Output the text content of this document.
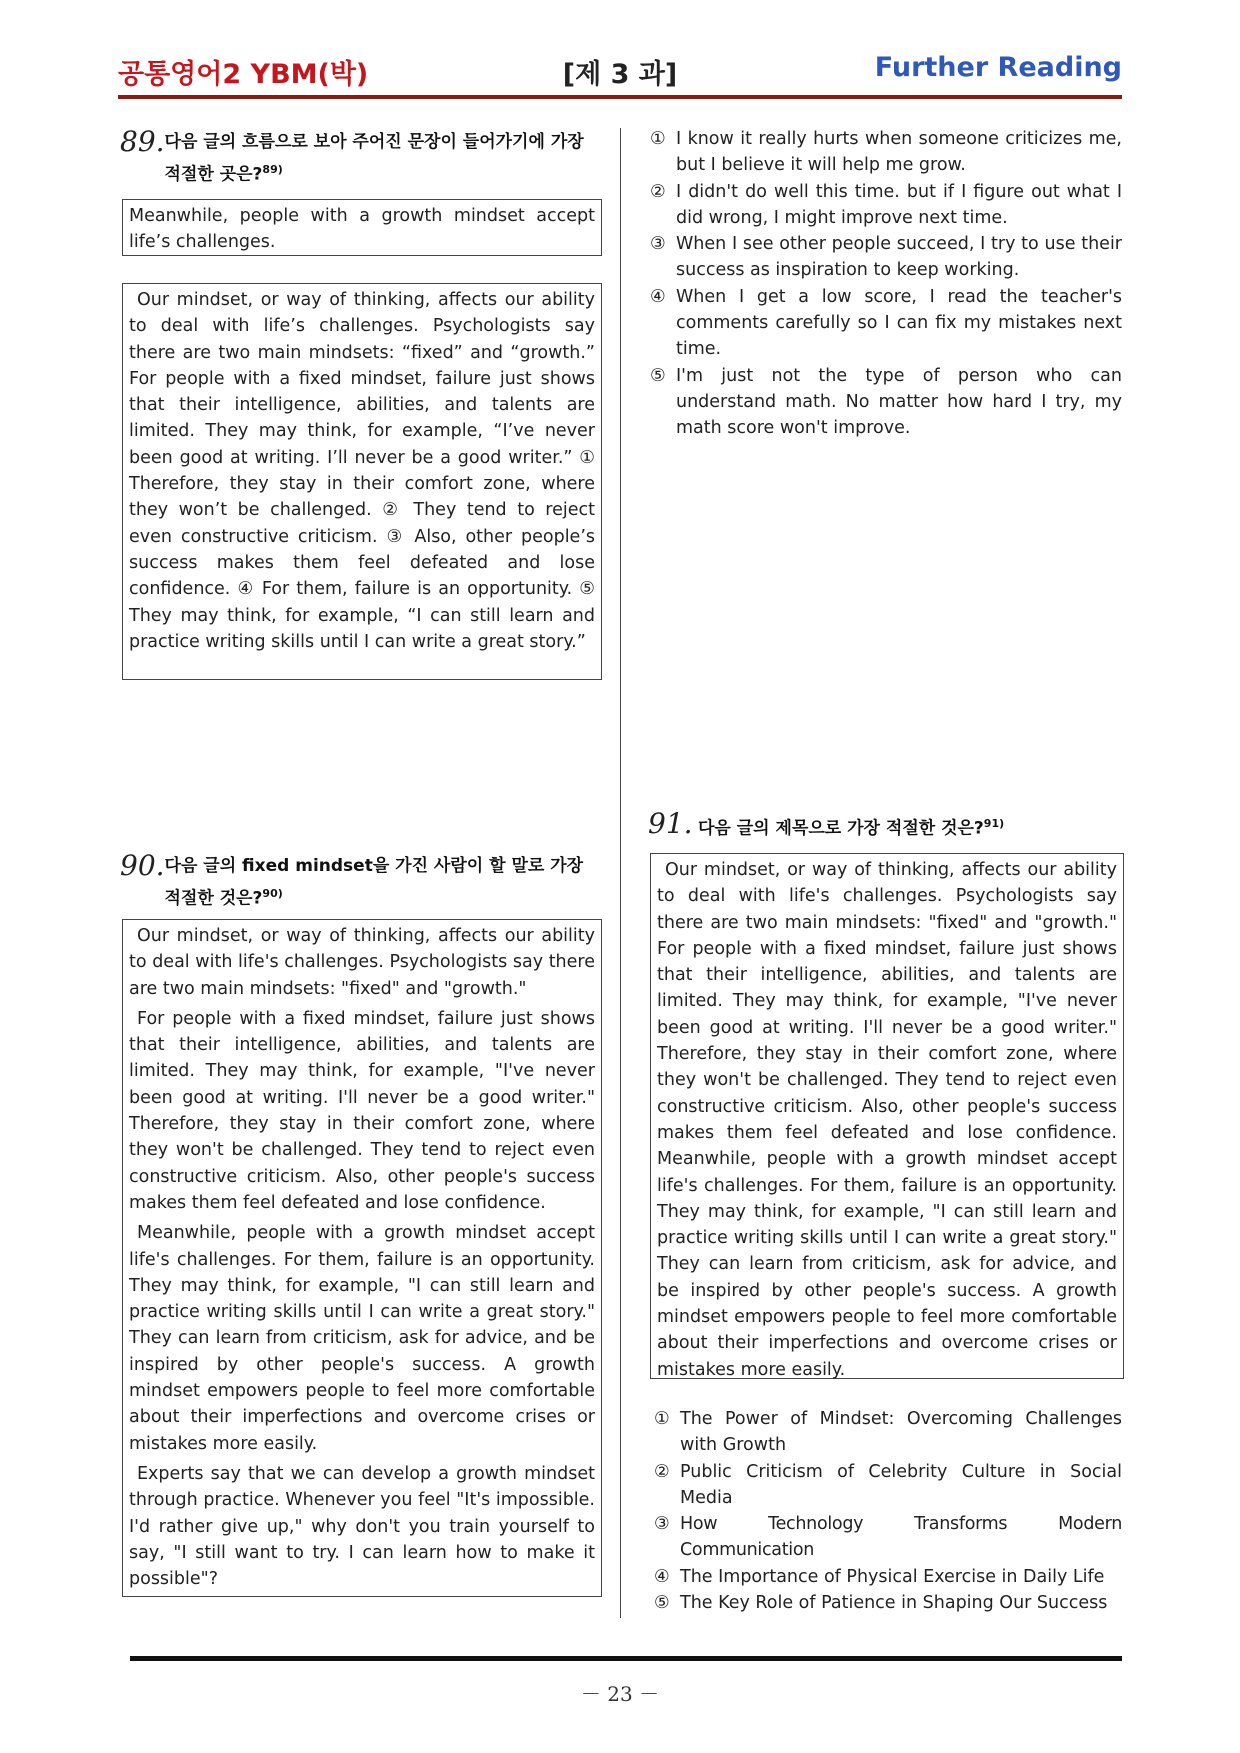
공통영어2 YBM(박)	[제 3 과]	Further Reading
89. 다음 글의 흐름으로 보아 주어진 문장이 들어가기에 가장 적절한 곳은?$^{89)}$
Meanwhile, people with a growth mindset accept life’s challenges.

Our mindset, or way of thinking, affects our ability to deal with life’s challenges. Psychologists say there are two main mindsets: “fixed” and “growth.” For people with a fixed mindset, failure just shows that their intelligence, abilities, and talents are limited. They may think, for example, “I’ve never been good at writing. I’ll never be a good writer.” ① Therefore, they stay in their comfort zone, where they won’t be challenged. ② They tend to reject even constructive criticism. ③ Also, other people’s success makes them feel defeated and lose confidence. ④ For them, failure is an opportunity. ⑤ They may think, for example, “I can still learn and practice writing skills until I can write a great story.”

① I know it really hurts when someone criticizes me, but I believe it will help me grow.
② I didn't do well this time. but if I figure out what I did wrong, I might improve next time.
③ When I see other people succeed, I try to use their success as inspiration to keep working.
④ When I get a low score, I read the teacher's comments carefully so I can fix my mistakes next time.
⑤ I'm just not the type of person who can understand math. No matter how hard I try, my math score won't improve.
90. 다음 글의 fixed mindset을 가진 사람이 할 말로 가장 적절한 것은?$^{90)}$

Our mindset, or way of thinking, affects our ability to deal with life's challenges. Psychologists say there are two main mindsets: "fixed" and "growth."

For people with a fixed mindset, failure just shows that their intelligence, abilities, and talents are limited. They may think, for example, "I've never been good at writing. I'll never be a good writer." Therefore, they stay in their comfort zone, where they won't be challenged. They tend to reject even constructive criticism. Also, other people's success makes them feel defeated and lose confidence.

Meanwhile, people with a growth mindset accept life's challenges. For them, failure is an opportunity. They may think, for example, "I can still learn and practice writing skills until I can write a great story." They can learn from criticism, ask for advice, and be inspired by other people's success. A growth mindset empowers people to feel more comfortable about their imperfections and overcome crises or mistakes more easily.

Experts say that we can develop a growth mindset through practice. Whenever you feel "It's impossible. I'd rather give up," why don't you train yourself to say, "I still want to try. I can learn how to make it possible"?

91. 다음 글의 제목으로 가장 적절한 것은?$^{91)}$

Our mindset, or way of thinking, affects our ability to deal with life's challenges. Psychologists say there are two main mindsets: "fixed" and "growth." For people with a fixed mindset, failure just shows that their intelligence, abilities, and talents are limited. They may think, for example, "I've never been good at writing. I'll never be a good writer." Therefore, they stay in their comfort zone, where they won't be challenged. They tend to reject even constructive criticism. Also, other people's success makes them feel defeated and lose confidence. Meanwhile, people with a growth mindset accept life's challenges. For them, failure is an opportunity. They may think, for example, "I can still learn and practice writing skills until I can write a great story." They can learn from criticism, ask for advice, and be inspired by other people's success. A growth mindset empowers people to feel more comfortable about their imperfections and overcome crises or mistakes more easily.

① The Power of Mindset: Overcoming Challenges with Growth
② Public Criticism of Celebrity Culture in Social Media
③ How Technology Transforms Modern Communication
④ The Importance of Physical Exercise in Daily Life
⑤ The Key Role of Patience in Shaping Our Success
－ 23 －
